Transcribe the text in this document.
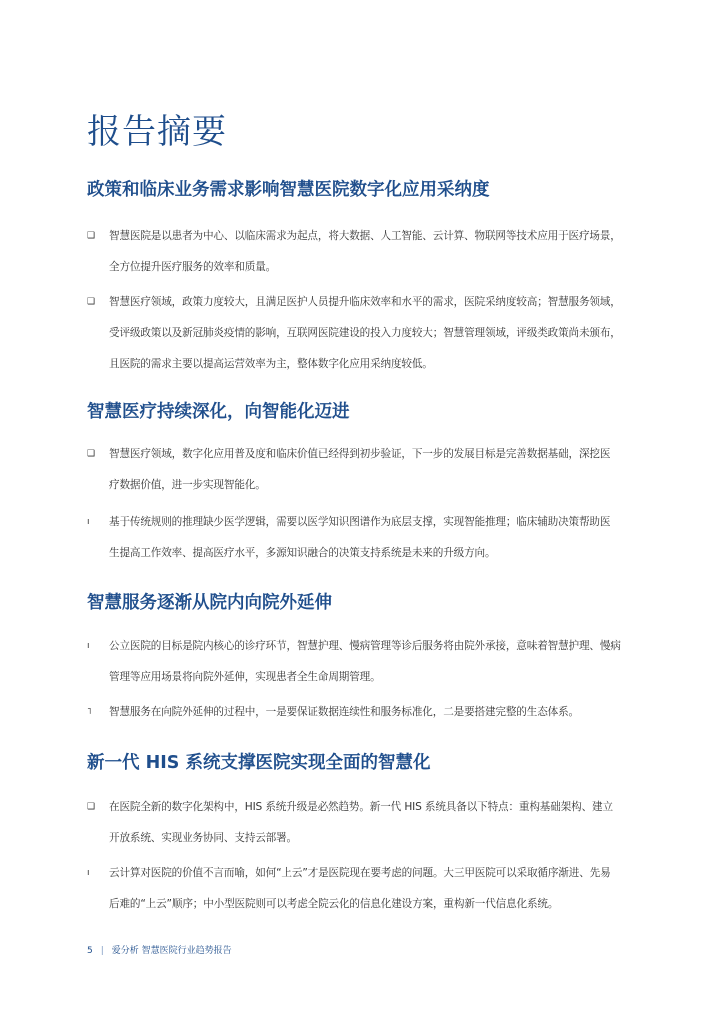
报告摘要
政策和临床业务需求影响智慧医院数字化应用采纳度
❑ 智慧医院是以患者为中心、以临床需求为起点，将大数据、人工智能、云计算、物联网等技术应用于医疗场景，
全方位提升医疗服务的效率和质量。

❑ 智慧医疗领域，政策力度较大，且满足医护人员提升临床效率和水平的需求，医院采纳度较高；智慧服务领域，
受评级政策以及新冠肺炎疫情的影响，互联网医院建设的投入力度较大；智慧管理领域，评级类政策尚未颁布，
且医院的需求主要以提高运营效率为主，整体数字化应用采纳度较低。

智慧医疗持续深化，向智能化迈进
❑ 智慧医疗领域，数字化应用普及度和临床价值已经得到初步验证，下一步的发展目标是完善数据基础，深挖医
疗数据价值，进一步实现智能化。

ı 基于传统规则的推理缺少医学逻辑，需要以医学知识图谱作为底层支撑，实现智能推理；临床辅助决策帮助医
生提高工作效率、提高医疗水平，多源知识融合的决策支持系统是未来的升级方向。

智慧服务逐渐从院内向院外延伸
ı 公立医院的目标是院内核心的诊疗环节，智慧护理、慢病管理等诊后服务将由院外承接，意味着智慧护理、慢病
管理等应用场景将向院外延伸，实现患者全生命周期管理。

˥ 智慧服务在向院外延伸的过程中，一是要保证数据连续性和服务标准化，二是要搭建完整的生态体系。

新一代 HIS 系统支撑医院实现全面的智慧化
❑ 在医院全新的数字化架构中，HIS 系统升级是必然趋势。新一代 HIS 系统具备以下特点：重构基础架构、建立
开放系统、实现业务协同、支持云部署。

ı 云计算对医院的价值不言而喻，如何“上云”才是医院现在要考虑的问题。大三甲医院可以采取循序渐进、先易
后难的“上云”顺序；中小型医院则可以考虑全院云化的信息化建设方案，重构新一代信息化系统。

5 | 爱分析 智慧医院行业趋势报告
